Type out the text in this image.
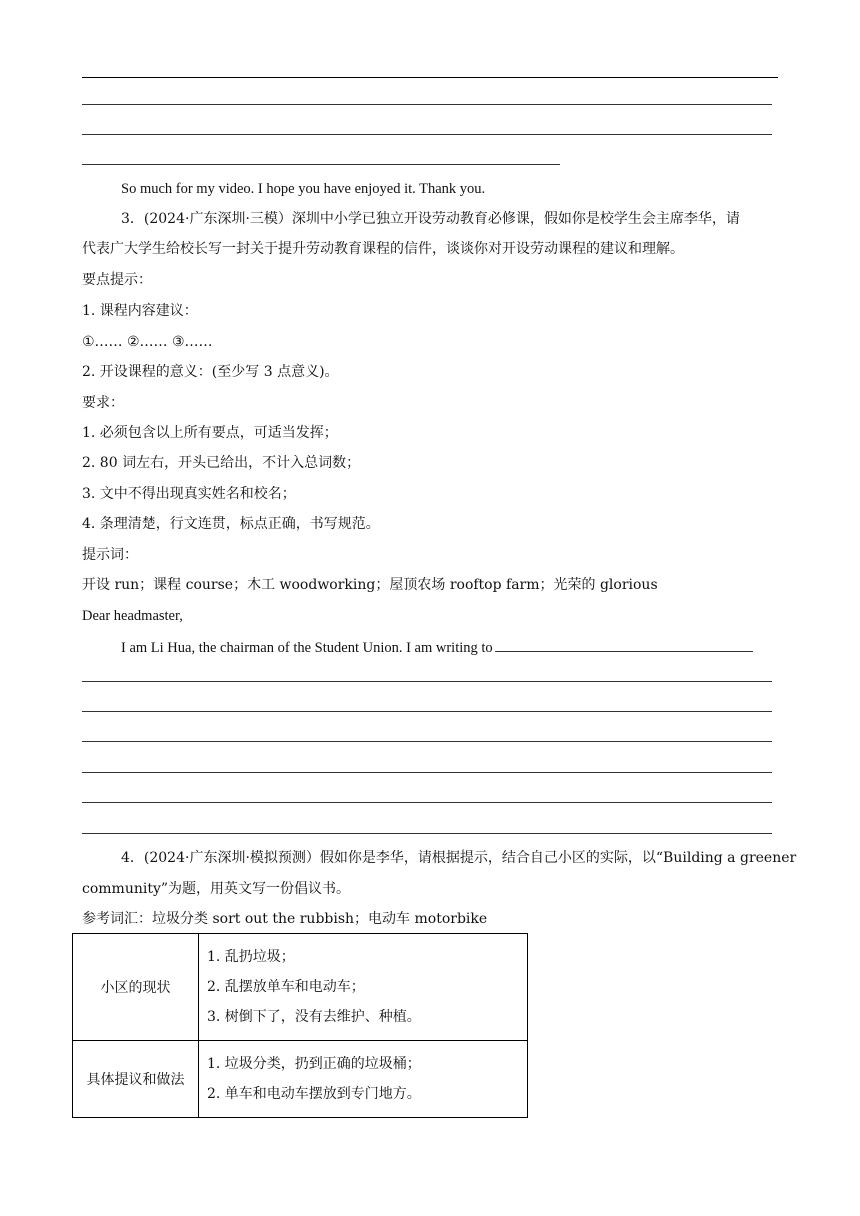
So much for my video. I hope you have enjoyed it. Thank you.
3．(2024·广东深圳·三模）深圳中小学已独立开设劳动教育必修课，假如你是校学生会主席李华，请
代表广大学生给校长写一封关于提升劳动教育课程的信件，谈谈你对开设劳动课程的建议和理解。
要点提示：
1. 课程内容建议：
①…… ②…… ③……
2. 开设课程的意义：(至少写 3 点意义)。
要求：
1. 必须包含以上所有要点，可适当发挥；
2. 80 词左右，开头已给出，不计入总词数；
3. 文中不得出现真实姓名和校名；
4. 条理清楚，行文连贯，标点正确，书写规范。
提示词：
开设 run；课程 course；木工 woodworking；屋顶农场 rooftop farm；光荣的 glorious
Dear headmaster,
I am Li Hua, the chairman of the Student Union. I am writing to
4．(2024·广东深圳·模拟预测）假如你是李华，请根据提示，结合自己小区的实际，以“Building a greener
community”为题，用英文写一份倡议书。
参考词汇：垃圾分类 sort out the rubbish；电动车 motorbike
小区的现状	1. 乱扔垃圾；
2. 乱摆放单车和电动车；
3. 树倒下了，没有去维护、种植。

具体提议和做法	1. 垃圾分类，扔到正确的垃圾桶；
2. 单车和电动车摆放到专门地方。
